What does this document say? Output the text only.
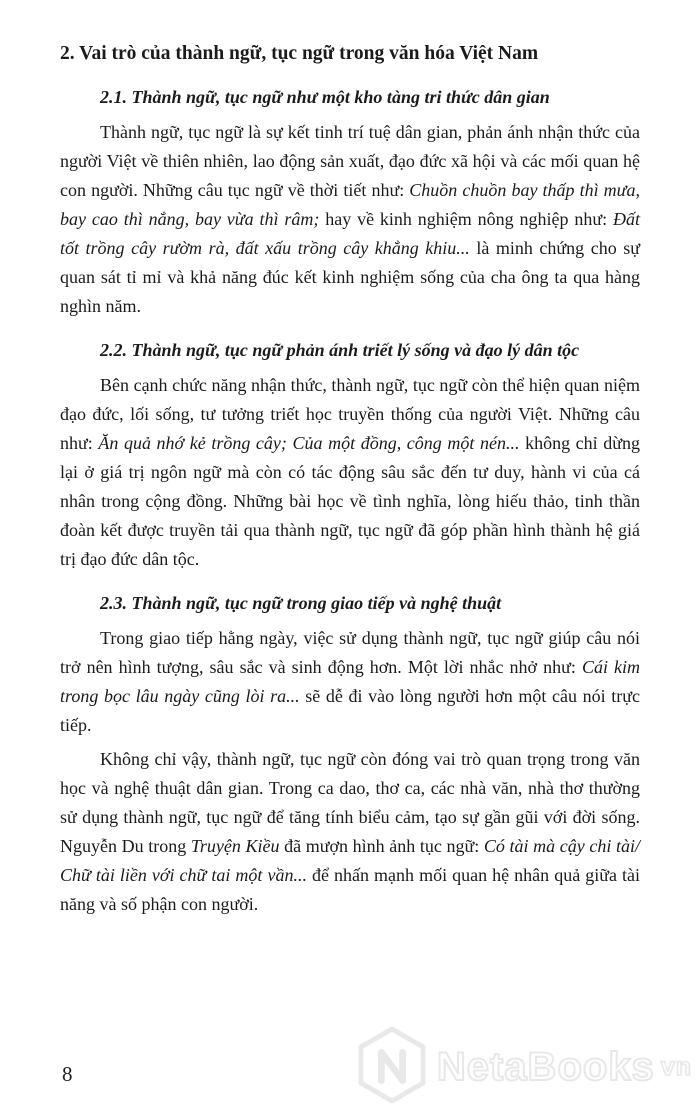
2. Vai trò của thành ngữ, tục ngữ trong văn hóa Việt Nam
2.1. Thành ngữ, tục ngữ như một kho tàng tri thức dân gian

Thành ngữ, tục ngữ là sự kết tinh trí tuệ dân gian, phản ánh nhận thức của người Việt về thiên nhiên, lao động sản xuất, đạo đức xã hội và các mối quan hệ con người. Những câu tục ngữ về thời tiết như: Chuồn chuồn bay thấp thì mưa, bay cao thì nắng, bay vừa thì râm; hay về kinh nghiệm nông nghiệp như: Đất tốt trồng cây rườm rà, đất xấu trồng cây khẳng khiu... là minh chứng cho sự quan sát tỉ mỉ và khả năng đúc kết kinh nghiệm sống của cha ông ta qua hàng nghìn năm.

2.2. Thành ngữ, tục ngữ phản ánh triết lý sống và đạo lý dân tộc

Bên cạnh chức năng nhận thức, thành ngữ, tục ngữ còn thể hiện quan niệm đạo đức, lối sống, tư tưởng triết học truyền thống của người Việt. Những câu như: Ăn quả nhớ kẻ trồng cây; Của một đồng, công một nén... không chỉ dừng lại ở giá trị ngôn ngữ mà còn có tác động sâu sắc đến tư duy, hành vi của cá nhân trong cộng đồng. Những bài học về tình nghĩa, lòng hiếu thảo, tinh thần đoàn kết được truyền tải qua thành ngữ, tục ngữ đã góp phần hình thành hệ giá trị đạo đức dân tộc.

2.3. Thành ngữ, tục ngữ trong giao tiếp và nghệ thuật

Trong giao tiếp hằng ngày, việc sử dụng thành ngữ, tục ngữ giúp câu nói trở nên hình tượng, sâu sắc và sinh động hơn. Một lời nhắc nhở như: Cái kim trong bọc lâu ngày cũng lòi ra... sẽ dễ đi vào lòng người hơn một câu nói trực tiếp.

Không chỉ vậy, thành ngữ, tục ngữ còn đóng vai trò quan trọng trong văn học và nghệ thuật dân gian. Trong ca dao, thơ ca, các nhà văn, nhà thơ thường sử dụng thành ngữ, tục ngữ để tăng tính biểu cảm, tạo sự gần gũi với đời sống. Nguyễn Du trong Truyện Kiều đã mượn hình ảnh tục ngữ: Có tài mà cậy chi tài/ Chữ tài liền với chữ tai một vần... để nhấn mạnh mối quan hệ nhân quả giữa tài năng và số phận con người.

8	NetaBooks vn
